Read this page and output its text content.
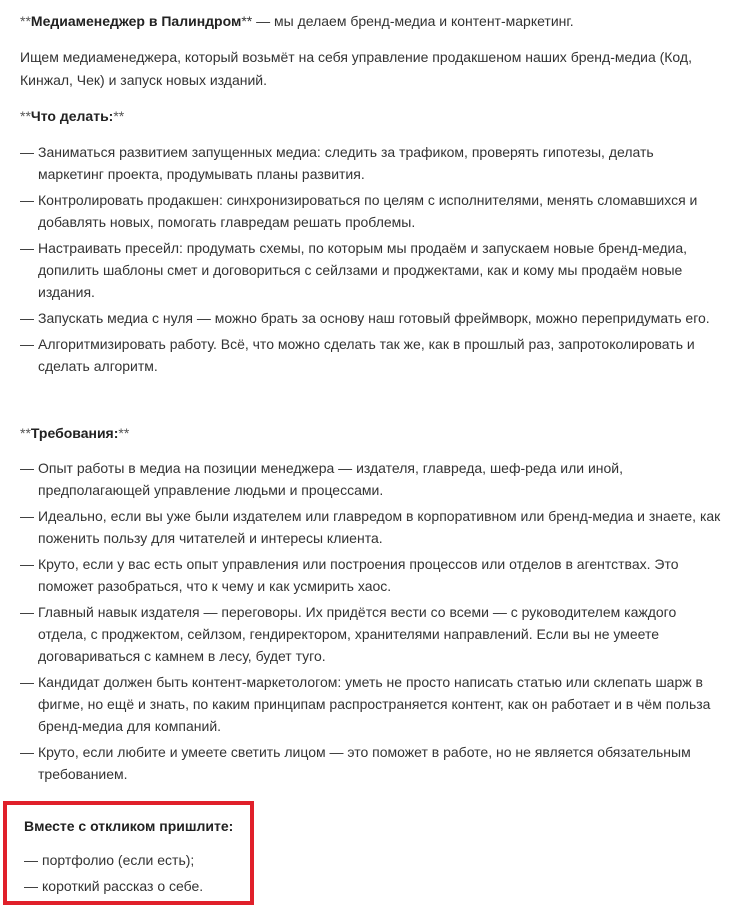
**Медиаменеджер в Палиндром** — мы делаем бренд-медиа и контент-маркетинг.

Ищем медиаменеджера, который возьмёт на себя управление продакшеном наших бренд-медиа (Код, Кинжал, Чек) и запуск новых изданий.

**Что делать:**

— Заниматься развитием запущенных медиа: следить за трафиком, проверять гипотезы, делать маркетинг проекта, продумывать планы развития.
— Контролировать продакшен: синхронизироваться по целям с исполнителями, менять сломавшихся и добавлять новых, помогать главредам решать проблемы.
— Настраивать пресейл: продумать схемы, по которым мы продаём и запускаем новые бренд-медиа, допилить шаблоны смет и договориться с сейлзами и проджектами, как и кому мы продаём новые издания.
— Запускать медиа с нуля — можно брать за основу наш готовый фреймворк, можно перепридумать его.
— Алгоритмизировать работу. Всё, что можно сделать так же, как в прошлый раз, запротоколировать и сделать алгоритм.

**Требования:**

— Опыт работы в медиа на позиции менеджера — издателя, главреда, шеф-реда или иной, предполагающей управление людьми и процессами.
— Идеально, если вы уже были издателем или главредом в корпоративном или бренд-медиа и знаете, как поженить пользу для читателей и интересы клиента.
— Круто, если у вас есть опыт управления или построения процессов или отделов в агентствах. Это поможет разобраться, что к чему и как усмирить хаос.
— Главный навык издателя — переговоры. Их придётся вести со всеми — с руководителем каждого отдела, с проджектом, сейлзом, гендиректором, хранителями направлений. Если вы не умеете договариваться с камнем в лесу, будет туго.
— Кандидат должен быть контент-маркетологом: уметь не просто написать статью или склепать шарж в фигме, но ещё и знать, по каким принципам распространяется контент, как он работает и в чём польза бренд-медиа для компаний.
— Круто, если любите и умеете светить лицом — это поможет в работе, но не является обязательным требованием.
Вместе с откликом пришлите:
— портфолио (если есть);
— короткий рассказ о себе.
